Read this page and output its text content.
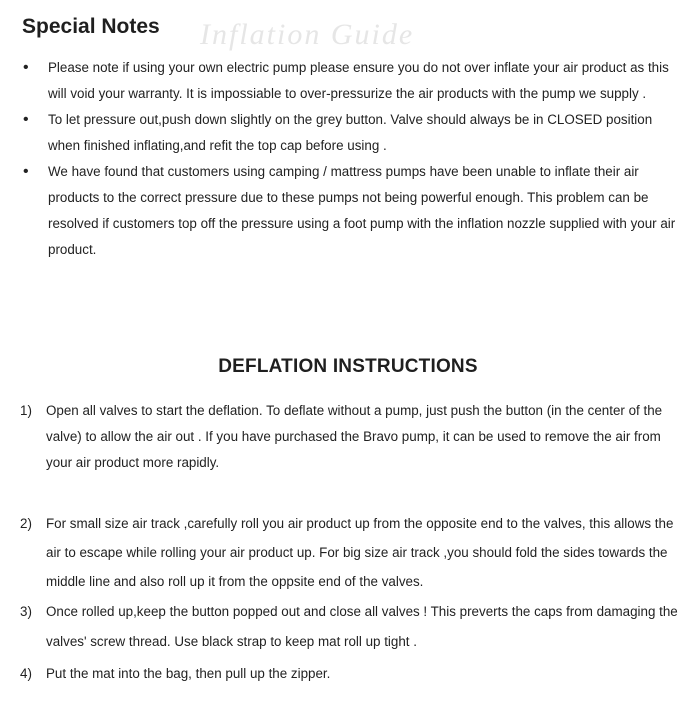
Inflation Guide
Special Notes
• Please note if using your own electric pump please ensure you do not over inflate your air product as this will void your warranty. It is impossiable to over-pressurize the air products with the pump we supply .
• To let pressure out,push down slightly on the grey button. Valve should always be in CLOSED position when finished inflating,and refit the top cap before using .
• We have found that customers using camping / mattress pumps have been unable to inflate their air products to the correct pressure due to these pumps not being powerful enough. This problem can be resolved if customers top off the pressure using a foot pump with the inflation nozzle supplied with your air product.
DEFLATION INSTRUCTIONS
1) Open all valves to start the deflation. To deflate without a pump, just push the button (in the center of the valve) to allow the air out . If you have purchased the Bravo pump, it can be used to remove the air from your air product more rapidly.
2) For small size air track ,carefully roll you air product up from the opposite end to the valves, this allows the air to escape while rolling your air product up. For big size air track ,you should fold the sides towards the middle line and also roll up it from the oppsite end of the valves.
3) Once rolled up,keep the button popped out and close all valves ! This preverts the caps from damaging the valves' screw thread. Use black strap to keep mat roll up tight .
4) Put the mat into the bag, then pull up the zipper.
